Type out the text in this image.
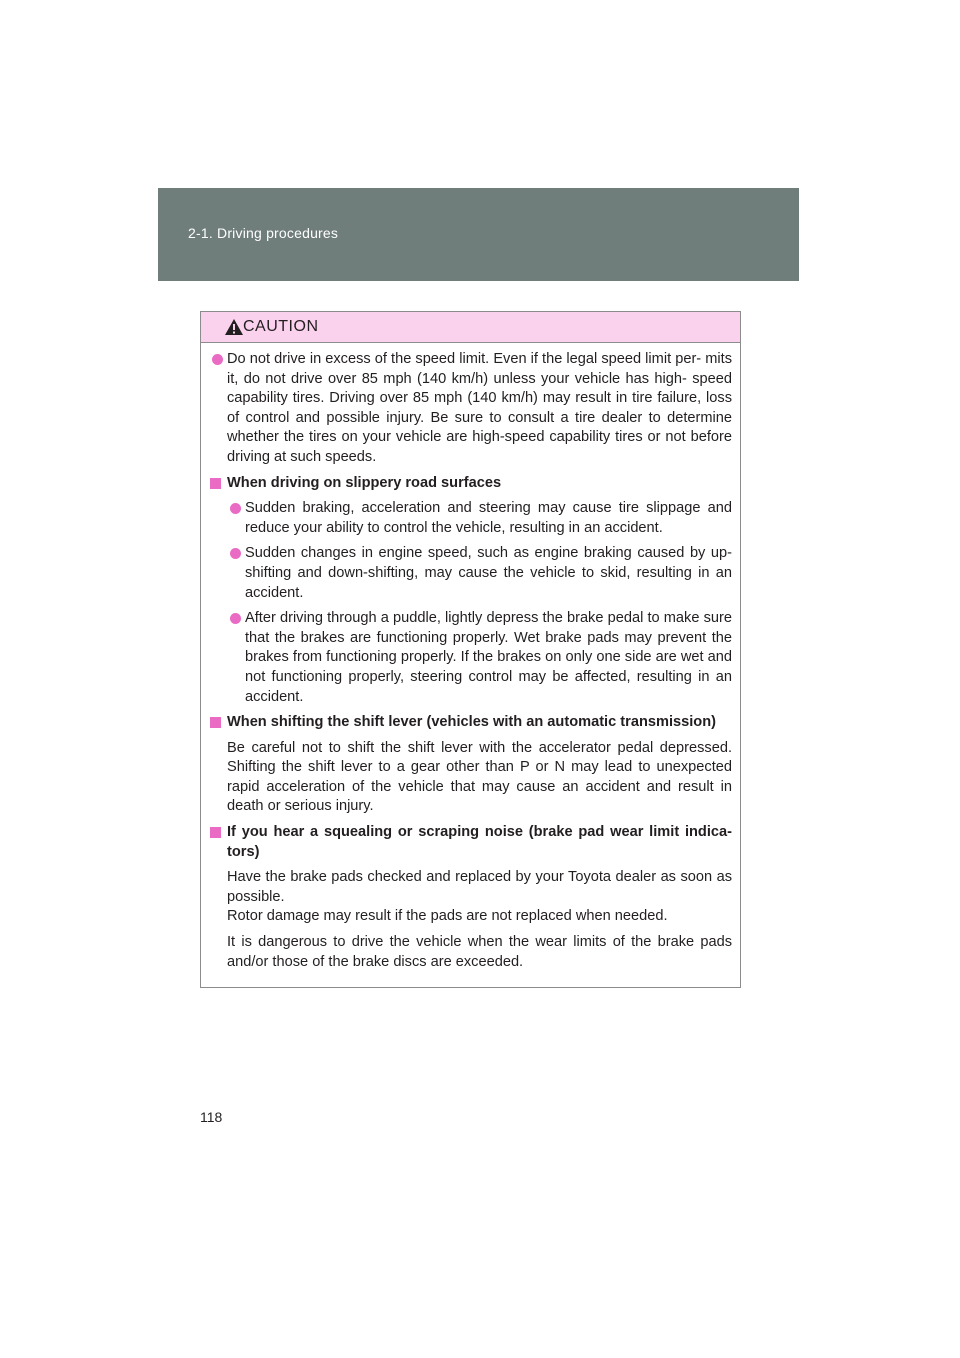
2-1. Driving procedures
CAUTION

Do not drive in excess of the speed limit. Even if the legal speed limit per- mits it, do not drive over 85 mph (140 km/h) unless your vehicle has high- speed capability tires. Driving over 85 mph (140 km/h) may result in tire failure, loss of control and possible injury. Be sure to consult a tire dealer to determine whether the tires on your vehicle are high-speed capability tires or not before driving at such speeds.

When driving on slippery road surfaces

Sudden braking, acceleration and steering may cause tire slippage and reduce your ability to control the vehicle, resulting in an accident.

Sudden changes in engine speed, such as engine braking caused by up- shifting and down-shifting, may cause the vehicle to skid, resulting in an accident.

After driving through a puddle, lightly depress the brake pedal to make sure that the brakes are functioning properly. Wet brake pads may prevent the brakes from functioning properly. If the brakes on only one side are wet and not functioning properly, steering control may be affected, resulting in an accident.

When shifting the shift lever (vehicles with an automatic transmission)

Be careful not to shift the shift lever with the accelerator pedal depressed. Shifting the shift lever to a gear other than P or N may lead to unexpected rapid acceleration of the vehicle that may cause an accident and result in death or serious injury.

If you hear a squealing or scraping noise (brake pad wear limit indica- tors)

Have the brake pads checked and replaced by your Toyota dealer as soon as possible.

Rotor damage may result if the pads are not replaced when needed.

It is dangerous to drive the vehicle when the wear limits of the brake pads and/or those of the brake discs are exceeded.

118
